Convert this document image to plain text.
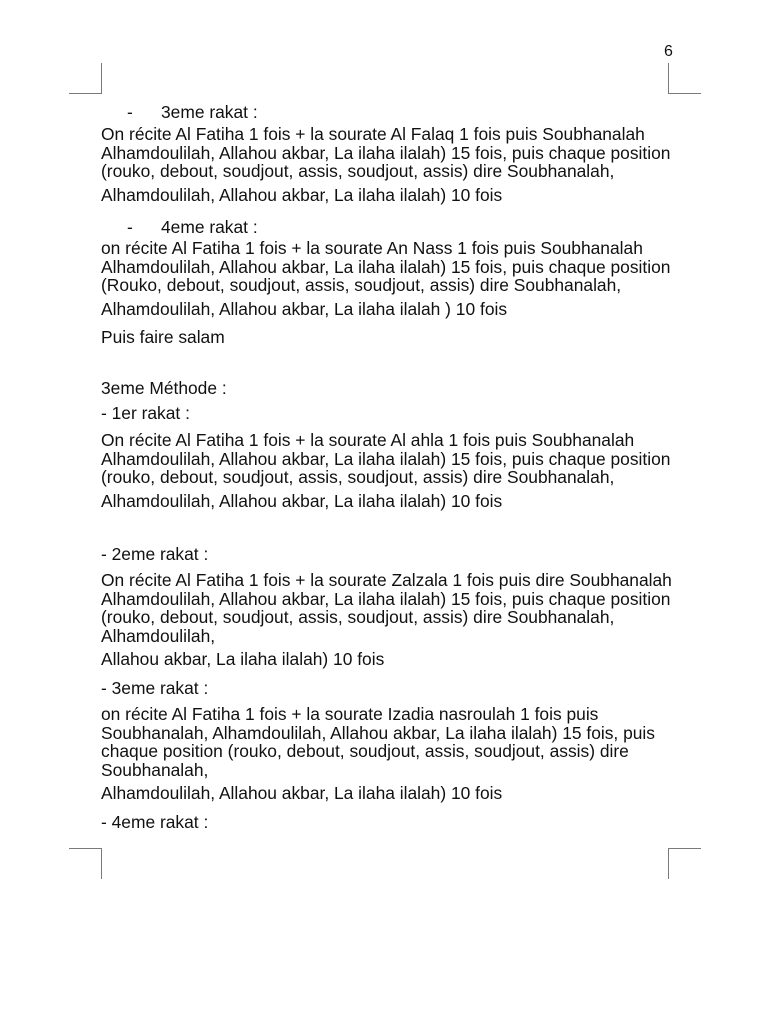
6
- 3eme rakat :
On récite Al Fatiha 1 fois + la sourate Al Falaq 1 fois puis Soubhanalah
Alhamdoulilah, Allahou akbar, La ilaha ilalah) 15 fois, puis chaque position
(rouko, debout, soudjout, assis, soudjout, assis) dire Soubhanalah,
Alhamdoulilah, Allahou akbar, La ilaha ilalah) 10 fois
- 4eme rakat :
on récite Al Fatiha 1 fois + la sourate An Nass 1 fois puis Soubhanalah
Alhamdoulilah, Allahou akbar, La ilaha ilalah) 15 fois, puis chaque position
(Rouko, debout, soudjout, assis, soudjout, assis) dire Soubhanalah,
Alhamdoulilah, Allahou akbar, La ilaha ilalah ) 10 fois
Puis faire salam
3eme Méthode :
- 1er rakat :
On récite Al Fatiha 1 fois + la sourate Al ahla 1 fois puis Soubhanalah
Alhamdoulilah, Allahou akbar, La ilaha ilalah) 15 fois, puis chaque position
(rouko, debout, soudjout, assis, soudjout, assis) dire Soubhanalah,
Alhamdoulilah, Allahou akbar, La ilaha ilalah) 10 fois
- 2eme rakat :
On récite Al Fatiha 1 fois + la sourate Zalzala 1 fois puis dire Soubhanalah
Alhamdoulilah, Allahou akbar, La ilaha ilalah) 15 fois, puis chaque position
(rouko, debout, soudjout, assis, soudjout, assis) dire Soubhanalah,
Alhamdoulilah,
Allahou akbar, La ilaha ilalah) 10 fois
- 3eme rakat :
on récite Al Fatiha 1 fois + la sourate Izadia nasroulah 1 fois puis
Soubhanalah, Alhamdoulilah, Allahou akbar, La ilaha ilalah) 15 fois, puis
chaque position (rouko, debout, soudjout, assis, soudjout, assis) dire
Soubhanalah,
Alhamdoulilah, Allahou akbar, La ilaha ilalah) 10 fois
- 4eme rakat :
